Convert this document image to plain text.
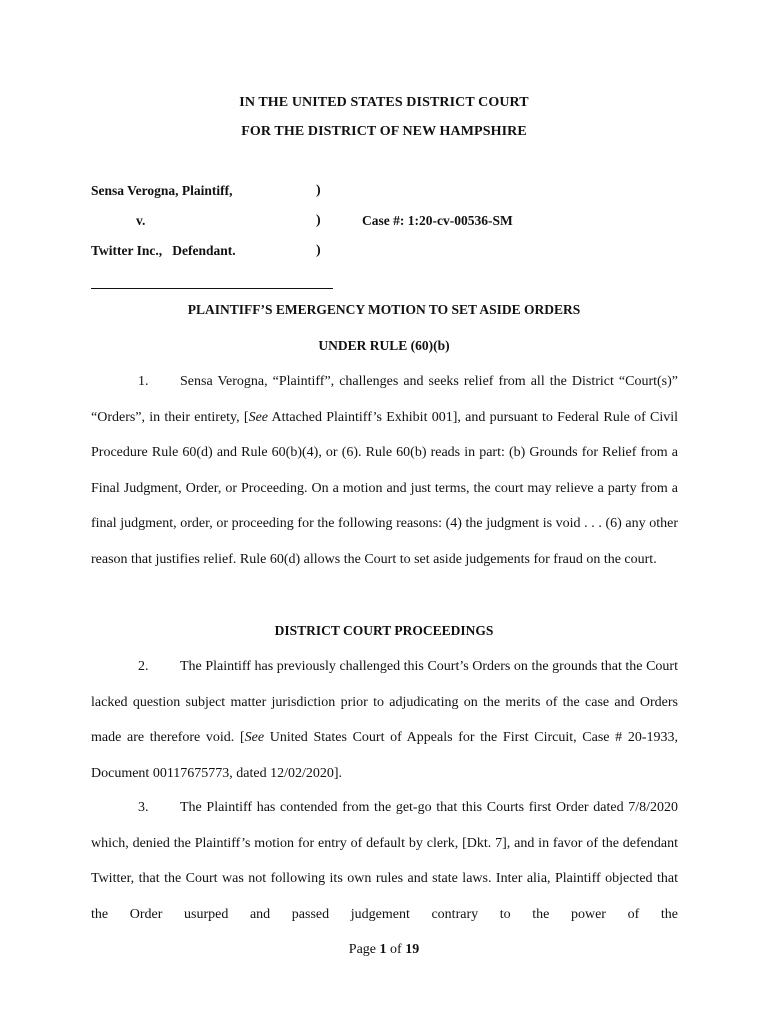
IN THE UNITED STATES DISTRICT COURT
FOR THE DISTRICT OF NEW HAMPSHIRE
Sensa Verogna, Plaintiff,	)
v.	)	Case #: 1:20-cv-00536-SM
Twitter Inc.,   Defendant.	)
PLAINTIFF’S EMERGENCY MOTION TO SET ASIDE ORDERS
UNDER RULE (60)(b)
1. Sensa Verogna, “Plaintiff”, challenges and seeks relief from all the District “Court(s)” “Orders”, in their entirety, [See Attached Plaintiff’s Exhibit 001], and pursuant to Federal Rule of Civil Procedure Rule 60(d) and Rule 60(b)(4), or (6). Rule 60(b) reads in part: (b) Grounds for Relief from a Final Judgment, Order, or Proceeding. On a motion and just terms, the court may relieve a party from a final judgment, order, or proceeding for the following reasons: (4) the judgment is void . . . (6) any other reason that justifies relief. Rule 60(d) allows the Court to set aside judgements for fraud on the court.
DISTRICT COURT PROCEEDINGS
2. The Plaintiff has previously challenged this Court’s Orders on the grounds that the Court lacked question subject matter jurisdiction prior to adjudicating on the merits of the case and Orders made are therefore void. [See United States Court of Appeals for the First Circuit, Case # 20-1933, Document 00117675773, dated 12/02/2020].
3. The Plaintiff has contended from the get-go that this Courts first Order dated 7/8/2020 which, denied the Plaintiff’s motion for entry of default by clerk, [Dkt. 7], and in favor of the defendant Twitter, that the Court was not following its own rules and state laws. Inter alia, Plaintiff objected that the Order usurped and passed judgement contrary to the power of the
Page 1 of 19
